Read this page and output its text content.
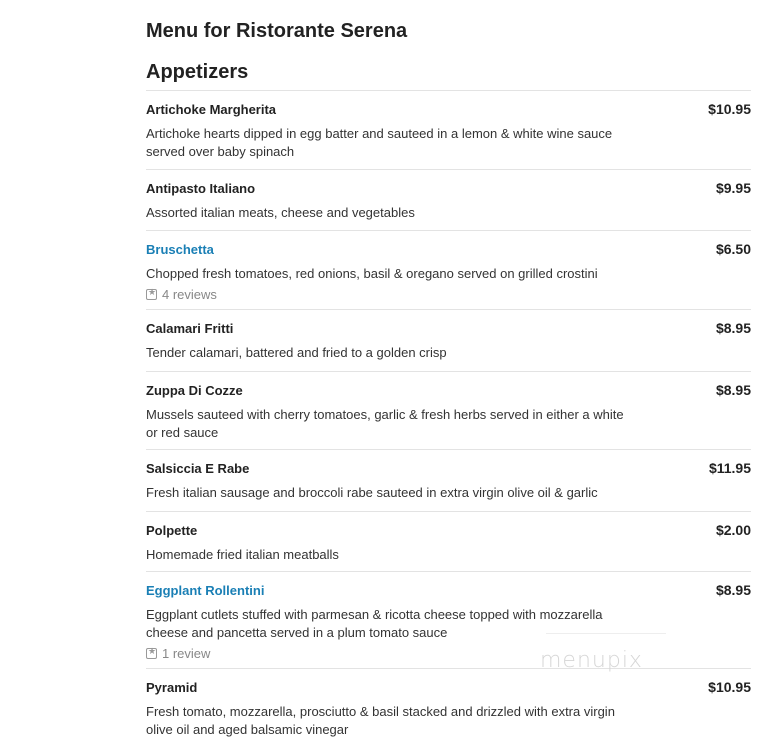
Menu for Ristorante Serena
Appetizers
Artichoke Margherita	$10.95
Artichoke hearts dipped in egg batter and sauteed in a lemon & white wine sauce served over baby spinach
Antipasto Italiano	$9.95
Assorted italian meats, cheese and vegetables
Bruschetta	$6.50
Chopped fresh tomatoes, red onions, basil & oregano served on grilled crostini
★
4 reviews
Calamari Fritti	$8.95
Tender calamari, battered and fried to a golden crisp
Zuppa Di Cozze	$8.95
Mussels sauteed with cherry tomatoes, garlic & fresh herbs served in either a white or red sauce
Salsiccia E Rabe	$11.95
Fresh italian sausage and broccoli rabe sauteed in extra virgin olive oil & garlic
Polpette	$2.00
Homemade fried italian meatballs
Eggplant Rollentini	$8.95
Eggplant cutlets stuffed with parmesan & ricotta cheese topped with mozzarella cheese and pancetta served in a plum tomato sauce
★
1 review
Pyramid	$10.95
Fresh tomato, mozzarella, prosciutto & basil stacked and drizzled with extra virgin olive oil and aged balsamic vinegar
menupix
